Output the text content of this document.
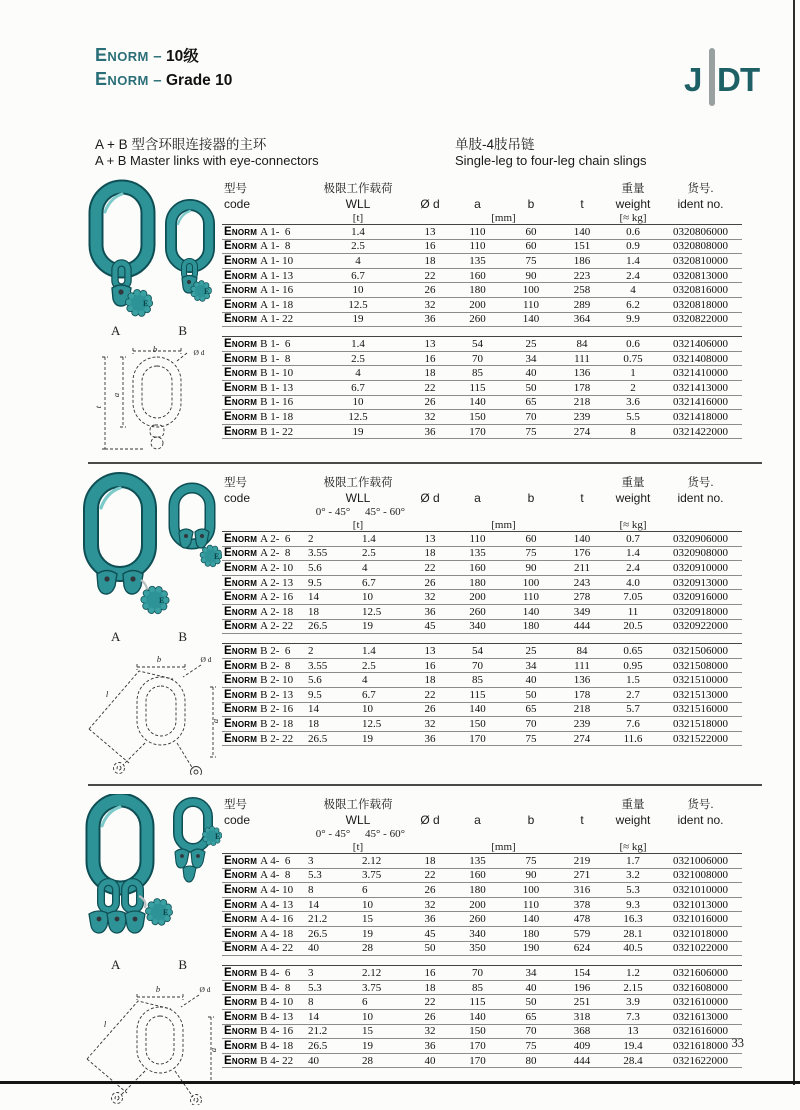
Enorm – 10级
Enorm – Grade 10	J D T
A + B 型含环眼连接器的主环
A + B Master links with eye-connectors
单肢-4肢吊链
Single-leg to four-leg chain slings
E
E
A	B
b	Ø d
a
t
型号	极限工作载荷					重量	货号.
code	WLL	Ø d	a	b	t	weight	ident no.
	[t]		[mm]			[≈ kg]	
Enorm A 1-  6	1.4	13	110	60	140	0.6	0320806000
Enorm A 1-  8	2.5	16	110	60	151	0.9	0320808000
Enorm A 1- 10	4	18	135	75	186	1.4	0320810000
Enorm A 1- 13	6.7	22	160	90	223	2.4	0320813000
Enorm A 1- 16	10	26	180	100	258	4	0320816000
Enorm A 1- 18	12.5	32	200	110	289	6.2	0320818000
Enorm A 1- 22	19	36	260	140	364	9.9	0320822000
Enorm B 1-  6	1.4	13	54	25	84	0.6	0321406000
Enorm B 1-  8	2.5	16	70	34	111	0.75	0321408000
Enorm B 1- 10	4	18	85	40	136	1	0321410000
Enorm B 1- 13	6.7	22	115	50	178	2	0321413000
Enorm B 1- 16	10	26	140	65	218	3.6	0321416000
Enorm B 1- 18	12.5	32	150	70	239	5.5	0321418000
Enorm B 1- 22	19	36	170	75	274	8	0321422000
E
E
A	B
b	Ø d
a
l
型号	极限工作载荷						重量	货号.
code	WLL		Ø d	a	b	t	weight	ident no.
	0° - 45°	45° - 60°						
	[t]			[mm]			[≈ kg]	
Enorm A 2-  6	2	1.4	13	110	60	140	0.7	0320906000
Enorm A 2-  8	3.55	2.5	18	135	75	176	1.4	0320908000
Enorm A 2- 10	5.6	4	22	160	90	211	2.4	0320910000
Enorm A 2- 13	9.5	6.7	26	180	100	243	4.0	0320913000
Enorm A 2- 16	14	10	32	200	110	278	7.05	0320916000
Enorm A 2- 18	18	12.5	36	260	140	349	11	0320918000
Enorm A 2- 22	26.5	19	45	340	180	444	20.5	0320922000
Enorm B 2-  6	2	1.4	13	54	25	84	0.65	0321506000
Enorm B 2-  8	3.55	2.5	16	70	34	111	0.95	0321508000
Enorm B 2- 10	5.6	4	18	85	40	136	1.5	0321510000
Enorm B 2- 13	9.5	6.7	22	115	50	178	2.7	0321513000
Enorm B 2- 16	14	10	26	140	65	218	5.7	0321516000
Enorm B 2- 18	18	12.5	32	150	70	239	7.6	0321518000
Enorm B 2- 22	26.5	19	36	170	75	274	11.6	0321522000
E
E
A	B
b	Ø d
a
l
型号	极限工作载荷						重量	货号.
code	WLL		Ø d	a	b	t	weight	ident no.
	0° - 45°	45° - 60°						
	[t]			[mm]			[≈ kg]	
Enorm A 4-  6	3	2.12	18	135	75	219	1.7	0321006000
Enorm A 4-  8	5.3	3.75	22	160	90	271	3.2	0321008000
Enorm A 4- 10	8	6	26	180	100	316	5.3	0321010000
Enorm A 4- 13	14	10	32	200	110	378	9.3	0321013000
Enorm A 4- 16	21.2	15	36	260	140	478	16.3	0321016000
Enorm A 4- 18	26.5	19	45	340	180	579	28.1	0321018000
Enorm A 4- 22	40	28	50	350	190	624	40.5	0321022000
Enorm B 4-  6	3	2.12	16	70	34	154	1.2	0321606000
Enorm B 4-  8	5.3	3.75	18	85	40	196	2.15	0321608000
Enorm B 4- 10	8	6	22	115	50	251	3.9	0321610000
Enorm B 4- 13	14	10	26	140	65	318	7.3	0321613000
Enorm B 4- 16	21.2	15	32	150	70	368	13	0321616000
Enorm B 4- 18	26.5	19	36	170	75	409	19.4	0321618000
Enorm B 4- 22	40	28	40	170	80	444	28.4	0321622000
33
